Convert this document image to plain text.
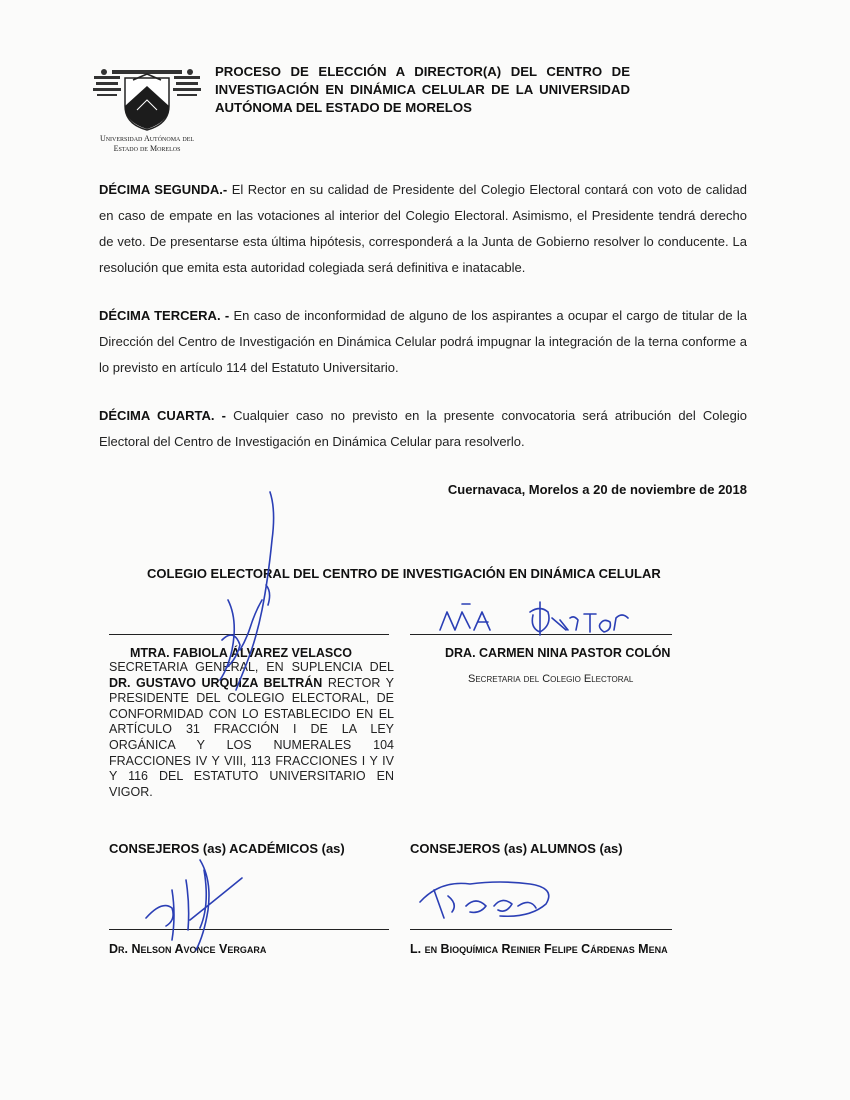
Universidad Autónoma del
Estado de Morelos
PROCESO DE ELECCIÓN A DIRECTOR(A) DEL CENTRO DE INVESTIGACIÓN EN DINÁMICA CELULAR DE LA UNIVERSIDAD AUTÓNOMA DEL ESTADO DE MORELOS
DÉCIMA SEGUNDA.- El Rector en su calidad de Presidente del Colegio Electoral contará con voto de calidad en caso de empate en las votaciones al interior del Colegio Electoral. Asimismo, el Presidente tendrá derecho de veto. De presentarse esta última hipótesis, corresponderá a la Junta de Gobierno resolver lo conducente. La resolución que emita esta autoridad colegiada será definitiva e inatacable.
DÉCIMA TERCERA. - En caso de inconformidad de alguno de los aspirantes a ocupar el cargo de titular de la Dirección del Centro de Investigación en Dinámica Celular podrá impugnar la integración de la terna conforme a lo previsto en artículo 114 del Estatuto Universitario.
DÉCIMA CUARTA. - Cualquier caso no previsto en la presente convocatoria será atribución del Colegio Electoral del Centro de Investigación en Dinámica Celular para resolverlo.
Cuernavaca, Morelos a 20 de noviembre de 2018
COLEGIO ELECTORAL DEL CENTRO DE INVESTIGACIÓN EN DINÁMICA CELULAR
MTRA. FABIOLA ÁLVAREZ VELASCO
SECRETARIA GENERAL, EN SUPLENCIA DEL DR. GUSTAVO URQUIZA BELTRÁN RECTOR Y PRESIDENTE DEL COLEGIO ELECTORAL, DE CONFORMIDAD CON LO ESTABLECIDO EN EL ARTÍCULO 31 FRACCIÓN I DE LA LEY ORGÁNICA Y LOS NUMERALES 104 FRACCIONES IV Y VIII, 113 FRACCIONES I Y IV Y 116 DEL ESTATUTO UNIVERSITARIO EN VIGOR.
DRA. CARMEN NINA PASTOR COLÓN
Secretaria del Colegio Electoral
CONSEJEROS (as) ACADÉMICOS (as)	CONSEJEROS (as) ALUMNOS (as)
Dr. Nelson Avonce Vergara	L. en Bioquímica Reinier Felipe Cárdenas Mena
